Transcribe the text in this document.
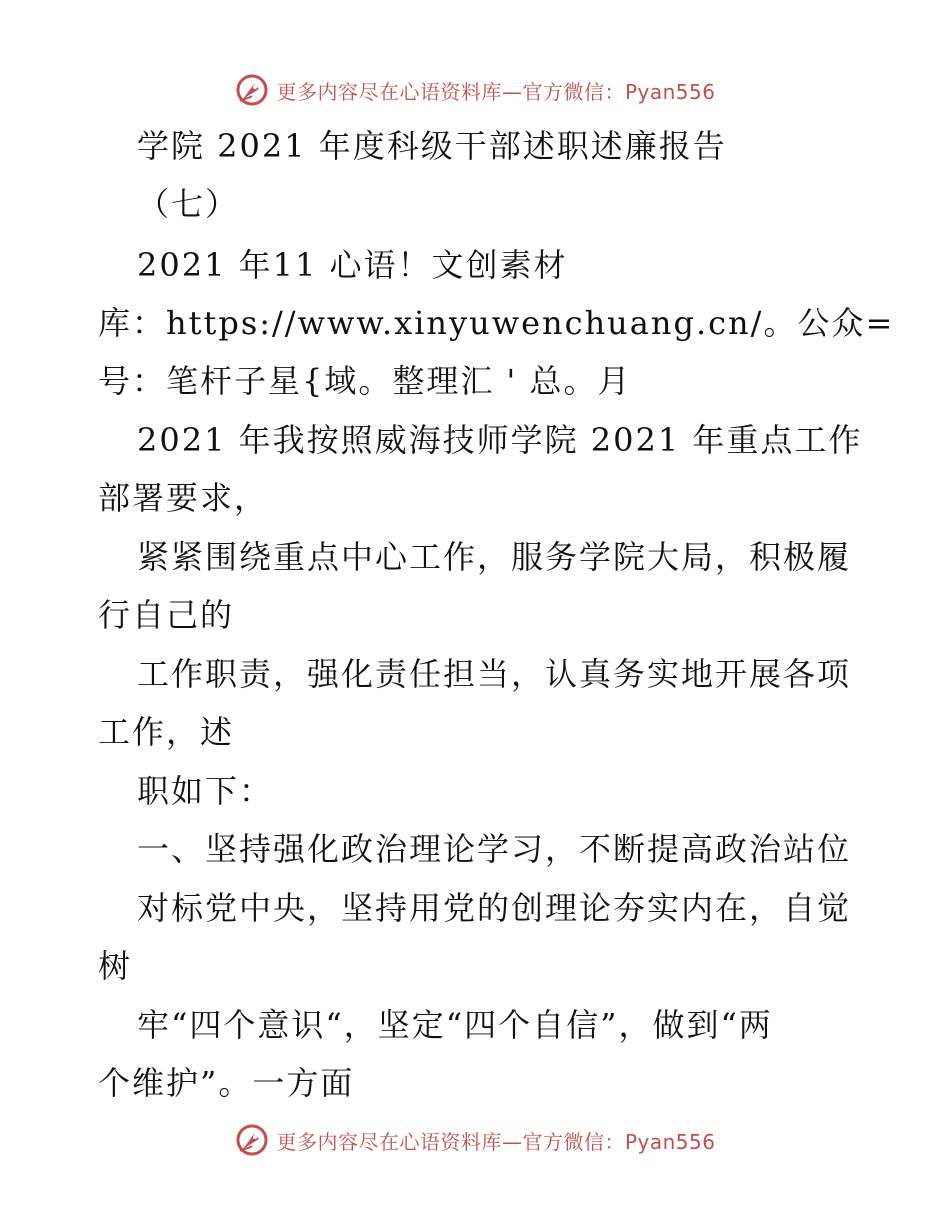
更多内容尽在心语资料库—官方微信：Pyan556
学院 2021 年度科级干部述职述廉报告
（七）
2021 年11 心语！文创素材
库：https://www.xinyuwenchuang.cn/。公众=
号：笔杆子星{域。整理汇 ' 总。月
2021 年我按照威海技师学院 2021 年重点工作
部署要求，
紧紧围绕重点中心工作，服务学院大局，积极履
行自己的
工作职责，强化责任担当，认真务实地开展各项
工作，述
职如下：
一、坚持强化政治理论学习，不断提高政治站位
对标党中央，坚持用党的创理论夯实内在，自觉
树
牢“四个意识“，坚定“四个自信”，做到“两
个维护”。一方面
更多内容尽在心语资料库—官方微信：Pyan556
